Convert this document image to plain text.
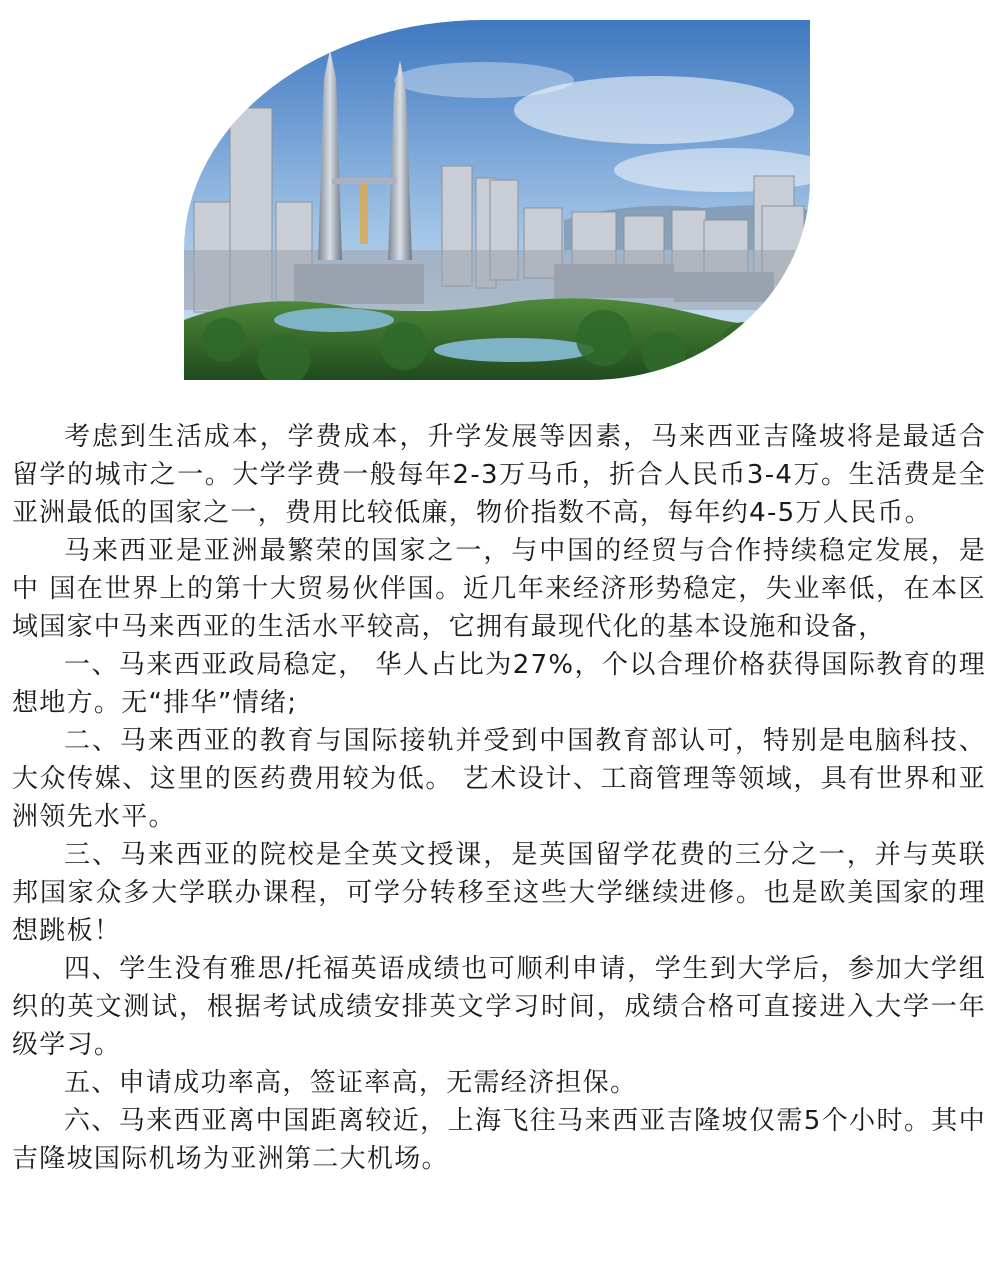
考虑到生活成本，学费成本，升学发展等因素，马来西亚吉隆坡将是最适合留学的城市之一。大学学费一般每年2-3万马币，折合人民币3-4万。生活费是全亚洲最低的国家之一，费用比较低廉，物价指数不高，每年约4-5万人民币。

马来西亚是亚洲最繁荣的国家之一，与中国的经贸与合作持续稳定发展，是中 国在世界上的第十大贸易伙伴国。近几年来经济形势稳定，失业率低，在本区域国家中马来西亚的生活水平较高，它拥有最现代化的基本设施和设备，

一、马来西亚政局稳定， 华人占比为27%，个以合理价格获得国际教育的理想地方。无“排华”情绪;

二、马来西亚的教育与国际接轨并受到中国教育部认可，特别是电脑科技、大众传媒、这里的医药费用较为低。 艺术设计、工商管理等领域，具有世界和亚洲领先水平。

三、马来西亚的院校是全英文授课，是英国留学花费的三分之一，并与英联邦国家众多大学联办课程，可学分转移至这些大学继续进修。也是欧美国家的理想跳板！

四、学生没有雅思/托福英语成绩也可顺利申请，学生到大学后，参加大学组织的英文测试，根据考试成绩安排英文学习时间，成绩合格可直接进入大学一年级学习。

五、申请成功率高，签证率高，无需经济担保。

六、马来西亚离中国距离较近，上海飞往马来西亚吉隆坡仅需5个小时。其中吉隆坡国际机场为亚洲第二大机场。
